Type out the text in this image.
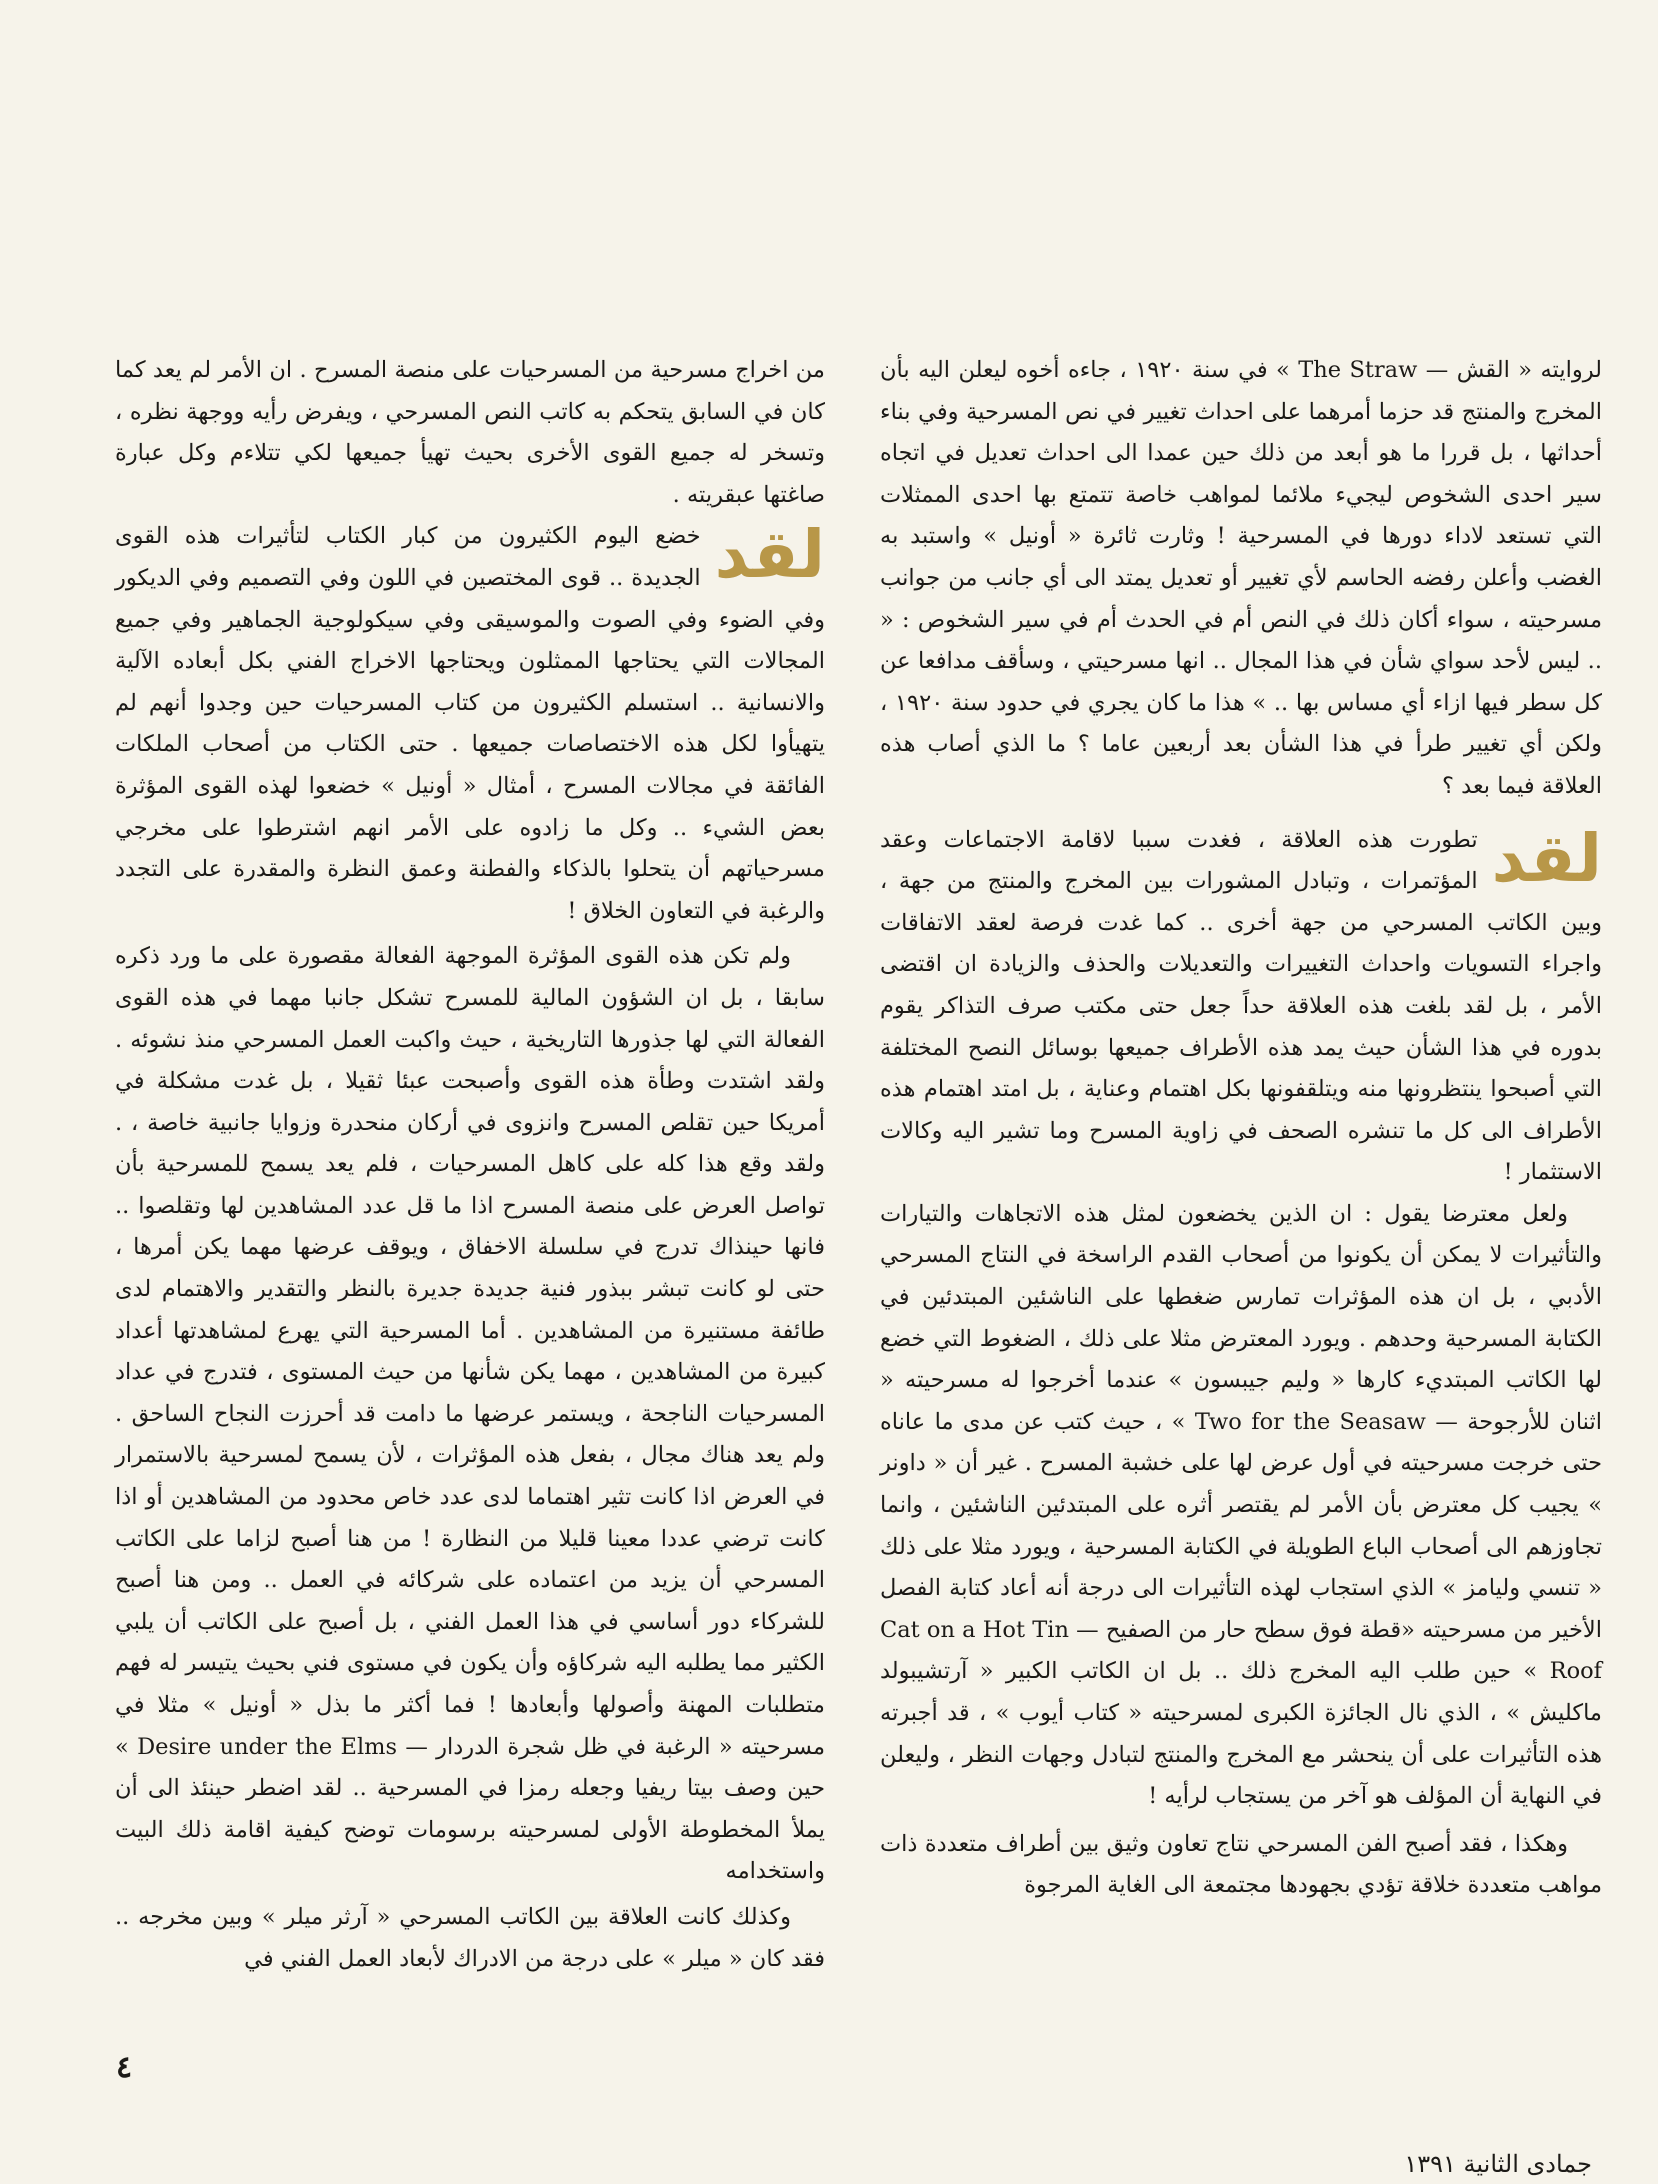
لروايته « القش — The Straw » في سنة ١٩٢٠ ، جاءه أخوه ليعلن اليه بأن المخرج والمنتج قد حزما أمرهما على احداث تغيير في نص المسرحية وفي بناء أحداثها ، بل قررا ما هو أبعد من ذلك حين عمدا الى احداث تعديل في اتجاه سير احدى الشخوص ليجيء ملائما لمواهب خاصة تتمتع بها احدى الممثلات التي تستعد لاداء دورها في المسرحية ! وثارت ثائرة « أونيل » واستبد به الغضب وأعلن رفضه الحاسم لأي تغيير أو تعديل يمتد الى أي جانب من جوانب مسرحيته ، سواء أكان ذلك في النص أم في الحدث أم في سير الشخوص : « .. ليس لأحد سواي شأن في هذا المجال .. انها مسرحيتي ، وسأقف مدافعا عن كل سطر فيها ازاء أي مساس بها .. » هذا ما كان يجري في حدود سنة ١٩٢٠ ، ولكن أي تغيير طرأ في هذا الشأن بعد أربعين عاما ؟ ما الذي أصاب هذه العلاقة فيما بعد ؟

لقد
تطورت هذه العلاقة ، فغدت سببا لاقامة الاجتماعات وعقد المؤتمرات ، وتبادل المشورات بين المخرج والمنتج من جهة ، وبين الكاتب المسرحي من جهة أخرى .. كما غدت فرصة لعقد الاتفاقات واجراء التسويات واحداث التغييرات والتعديلات والحذف والزيادة ان اقتضى الأمر ، بل لقد بلغت هذه العلاقة حداً جعل حتى مكتب صرف التذاكر يقوم بدوره في هذا الشأن حيث يمد هذه الأطراف جميعها بوسائل النصح المختلفة التي أصبحوا ينتظرونها منه ويتلقفونها بكل اهتمام وعناية ، بل امتد اهتمام هذه الأطراف الى كل ما تنشره الصحف في زاوية المسرح وما تشير اليه وكالات الاستثمار !

ولعل معترضا يقول : ان الذين يخضعون لمثل هذه الاتجاهات والتيارات والتأثيرات لا يمكن أن يكونوا من أصحاب القدم الراسخة في النتاج المسرحي الأدبي ، بل ان هذه المؤثرات تمارس ضغطها على الناشئين المبتدئين في الكتابة المسرحية وحدهم . ويورد المعترض مثلا على ذلك ، الضغوط التي خضع لها الكاتب المبتديء كارها « وليم جيبسون » عندما أخرجوا له مسرحيته « اثنان للأرجوحة — Two for the Seasaw » ، حيث كتب عن مدى ما عاناه حتى خرجت مسرحيته في أول عرض لها على خشبة المسرح . غير أن « داونر » يجيب كل معترض بأن الأمر لم يقتصر أثره على المبتدئين الناشئين ، وانما تجاوزهم الى أصحاب الباع الطويلة في الكتابة المسرحية ، ويورد مثلا على ذلك « تنسي وليامز » الذي استجاب لهذه التأثيرات الى درجة أنه أعاد كتابة الفصل الأخير من مسرحيته «قطة فوق سطح حار من الصفيح — Cat on a Hot Tin Roof » حين طلب اليه المخرج ذلك .. بل ان الكاتب الكبير « آرتشيبولد ماكليش » ، الذي نال الجائزة الكبرى لمسرحيته « كتاب أيوب » ، قد أجبرته هذه التأثيرات على أن ينحشر مع المخرج والمنتج لتبادل وجهات النظر ، وليعلن في النهاية أن المؤلف هو آخر من يستجاب لرأيه !

وهكذا ، فقد أصبح الفن المسرحي نتاج تعاون وثيق بين أطراف متعددة ذات مواهب متعددة خلاقة تؤدي بجهودها مجتمعة الى الغاية المرجوة

من اخراج مسرحية من المسرحيات على منصة المسرح . ان الأمر لم يعد كما كان في السابق يتحكم به كاتب النص المسرحي ، ويفرض رأيه ووجهة نظره ، وتسخر له جميع القوى الأخرى بحيث تهيأ جميعها لكي تتلاءم وكل عبارة صاغتها عبقريته .

لقد
خضع اليوم الكثيرون من كبار الكتاب لتأثيرات هذه القوى الجديدة .. قوى المختصين في اللون وفي التصميم وفي الديكور وفي الضوء وفي الصوت والموسيقى وفي سيكولوجية الجماهير وفي جميع المجالات التي يحتاجها الممثلون ويحتاجها الاخراج الفني بكل أبعاده الآلية والانسانية .. استسلم الكثيرون من كتاب المسرحيات حين وجدوا أنهم لم يتهيأوا لكل هذه الاختصاصات جميعها . حتى الكتاب من أصحاب الملكات الفائقة في مجالات المسرح ، أمثال « أونيل » خضعوا لهذه القوى المؤثرة بعض الشيء .. وكل ما زادوه على الأمر انهم اشترطوا على مخرجي مسرحياتهم أن يتحلوا بالذكاء والفطنة وعمق النظرة والمقدرة على التجدد والرغبة في التعاون الخلاق !

ولم تكن هذه القوى المؤثرة الموجهة الفعالة مقصورة على ما ورد ذكره سابقا ، بل ان الشؤون المالية للمسرح تشكل جانبا مهما في هذه القوى الفعالة التي لها جذورها التاريخية ، حيث واكبت العمل المسرحي منذ نشوئه . ولقد اشتدت وطأة هذه القوى وأصبحت عبئا ثقيلا ، بل غدت مشكلة في أمريكا حين تقلص المسرح وانزوى في أركان منحدرة وزوايا جانبية خاصة ، . ولقد وقع هذا كله على كاهل المسرحيات ، فلم يعد يسمح للمسرحية بأن تواصل العرض على منصة المسرح اذا ما قل عدد المشاهدين لها وتقلصوا .. فانها حينذاك تدرج في سلسلة الاخفاق ، ويوقف عرضها مهما يكن أمرها ، حتى لو كانت تبشر ببذور فنية جديدة جديرة بالنظر والتقدير والاهتمام لدى طائفة مستنيرة من المشاهدين . أما المسرحية التي يهرع لمشاهدتها أعداد كبيرة من المشاهدين ، مهما يكن شأنها من حيث المستوى ، فتدرج في عداد المسرحيات الناجحة ، ويستمر عرضها ما دامت قد أحرزت النجاح الساحق . ولم يعد هناك مجال ، بفعل هذه المؤثرات ، لأن يسمح لمسرحية بالاستمرار في العرض اذا كانت تثير اهتماما لدى عدد خاص محدود من المشاهدين أو اذا كانت ترضي عددا معينا قليلا من النظارة ! من هنا أصبح لزاما على الكاتب المسرحي أن يزيد من اعتماده على شركائه في العمل .. ومن هنا أصبح للشركاء دور أساسي في هذا العمل الفني ، بل أصبح على الكاتب أن يلبي الكثير مما يطلبه اليه شركاؤه وأن يكون في مستوى فني بحيث يتيسر له فهم متطلبات المهنة وأصولها وأبعادها ! فما أكثر ما بذل « أونيل » مثلا في مسرحيته « الرغبة في ظل شجرة الدردار — Desire under the Elms » حين وصف بيتا ريفيا وجعله رمزا في المسرحية .. لقد اضطر حينئذ الى أن يملأ المخطوطة الأولى لمسرحيته برسومات توضح كيفية اقامة ذلك البيت واستخدامه

وكذلك كانت العلاقة بين الكاتب المسرحي « آرثر ميلر » وبين مخرجه .. فقد كان « ميلر » على درجة من الادراك لأبعاد العمل الفني في

٤
جمادى الثانية ١٣٩١
